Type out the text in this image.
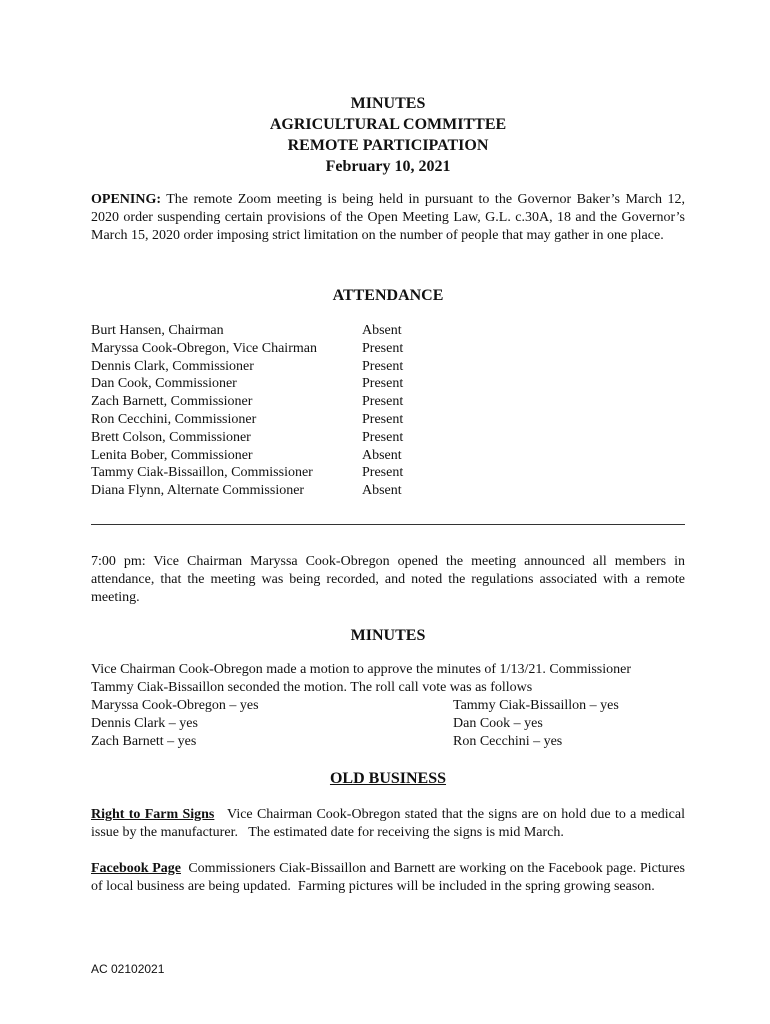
MINUTES
AGRICULTURAL COMMITTEE
REMOTE PARTICIPATION
February 10, 2021

OPENING: The remote Zoom meeting is being held in pursuant to the Governor Baker’s March 12, 2020 order suspending certain provisions of the Open Meeting Law, G.L. c.30A, 18 and the Governor’s March 15, 2020 order imposing strict limitation on the number of people that may gather in one place.

ATTENDANCE
Burt Hansen, Chairman	Absent
Maryssa Cook-Obregon, Vice Chairman	Present
Dennis Clark, Commissioner	Present
Dan Cook, Commissioner	Present
Zach Barnett, Commissioner	Present
Ron Cecchini, Commissioner	Present
Brett Colson, Commissioner	Present
Lenita Bober, Commissioner	Absent
Tammy Ciak-Bissaillon, Commissioner	Present
Diana Flynn, Alternate Commissioner	Absent

7:00 pm: Vice Chairman Maryssa Cook-Obregon opened the meeting announced all members in attendance, that the meeting was being recorded, and noted the regulations associated with a remote meeting.

MINUTES

Vice Chairman Cook-Obregon made a motion to approve the minutes of 1/13/21. Commissioner

Tammy Ciak-Bissaillon seconded the motion. The roll call vote was as follows

Maryssa Cook-Obregon – yes	Tammy Ciak-Bissaillon – yes
Dennis Clark – yes	Dan Cook – yes
Zach Barnett – yes	Ron Cecchini – yes
OLD BUSINESS

Right to Farm Signs   Vice Chairman Cook-Obregon stated that the signs are on hold due to a medical issue by the manufacturer.   The estimated date for receiving the signs is mid March.

Facebook Page  Commissioners Ciak-Bissaillon and Barnett are working on the Facebook page. Pictures of local business are being updated.  Farming pictures will be included in the spring growing season.

AC 02102021
